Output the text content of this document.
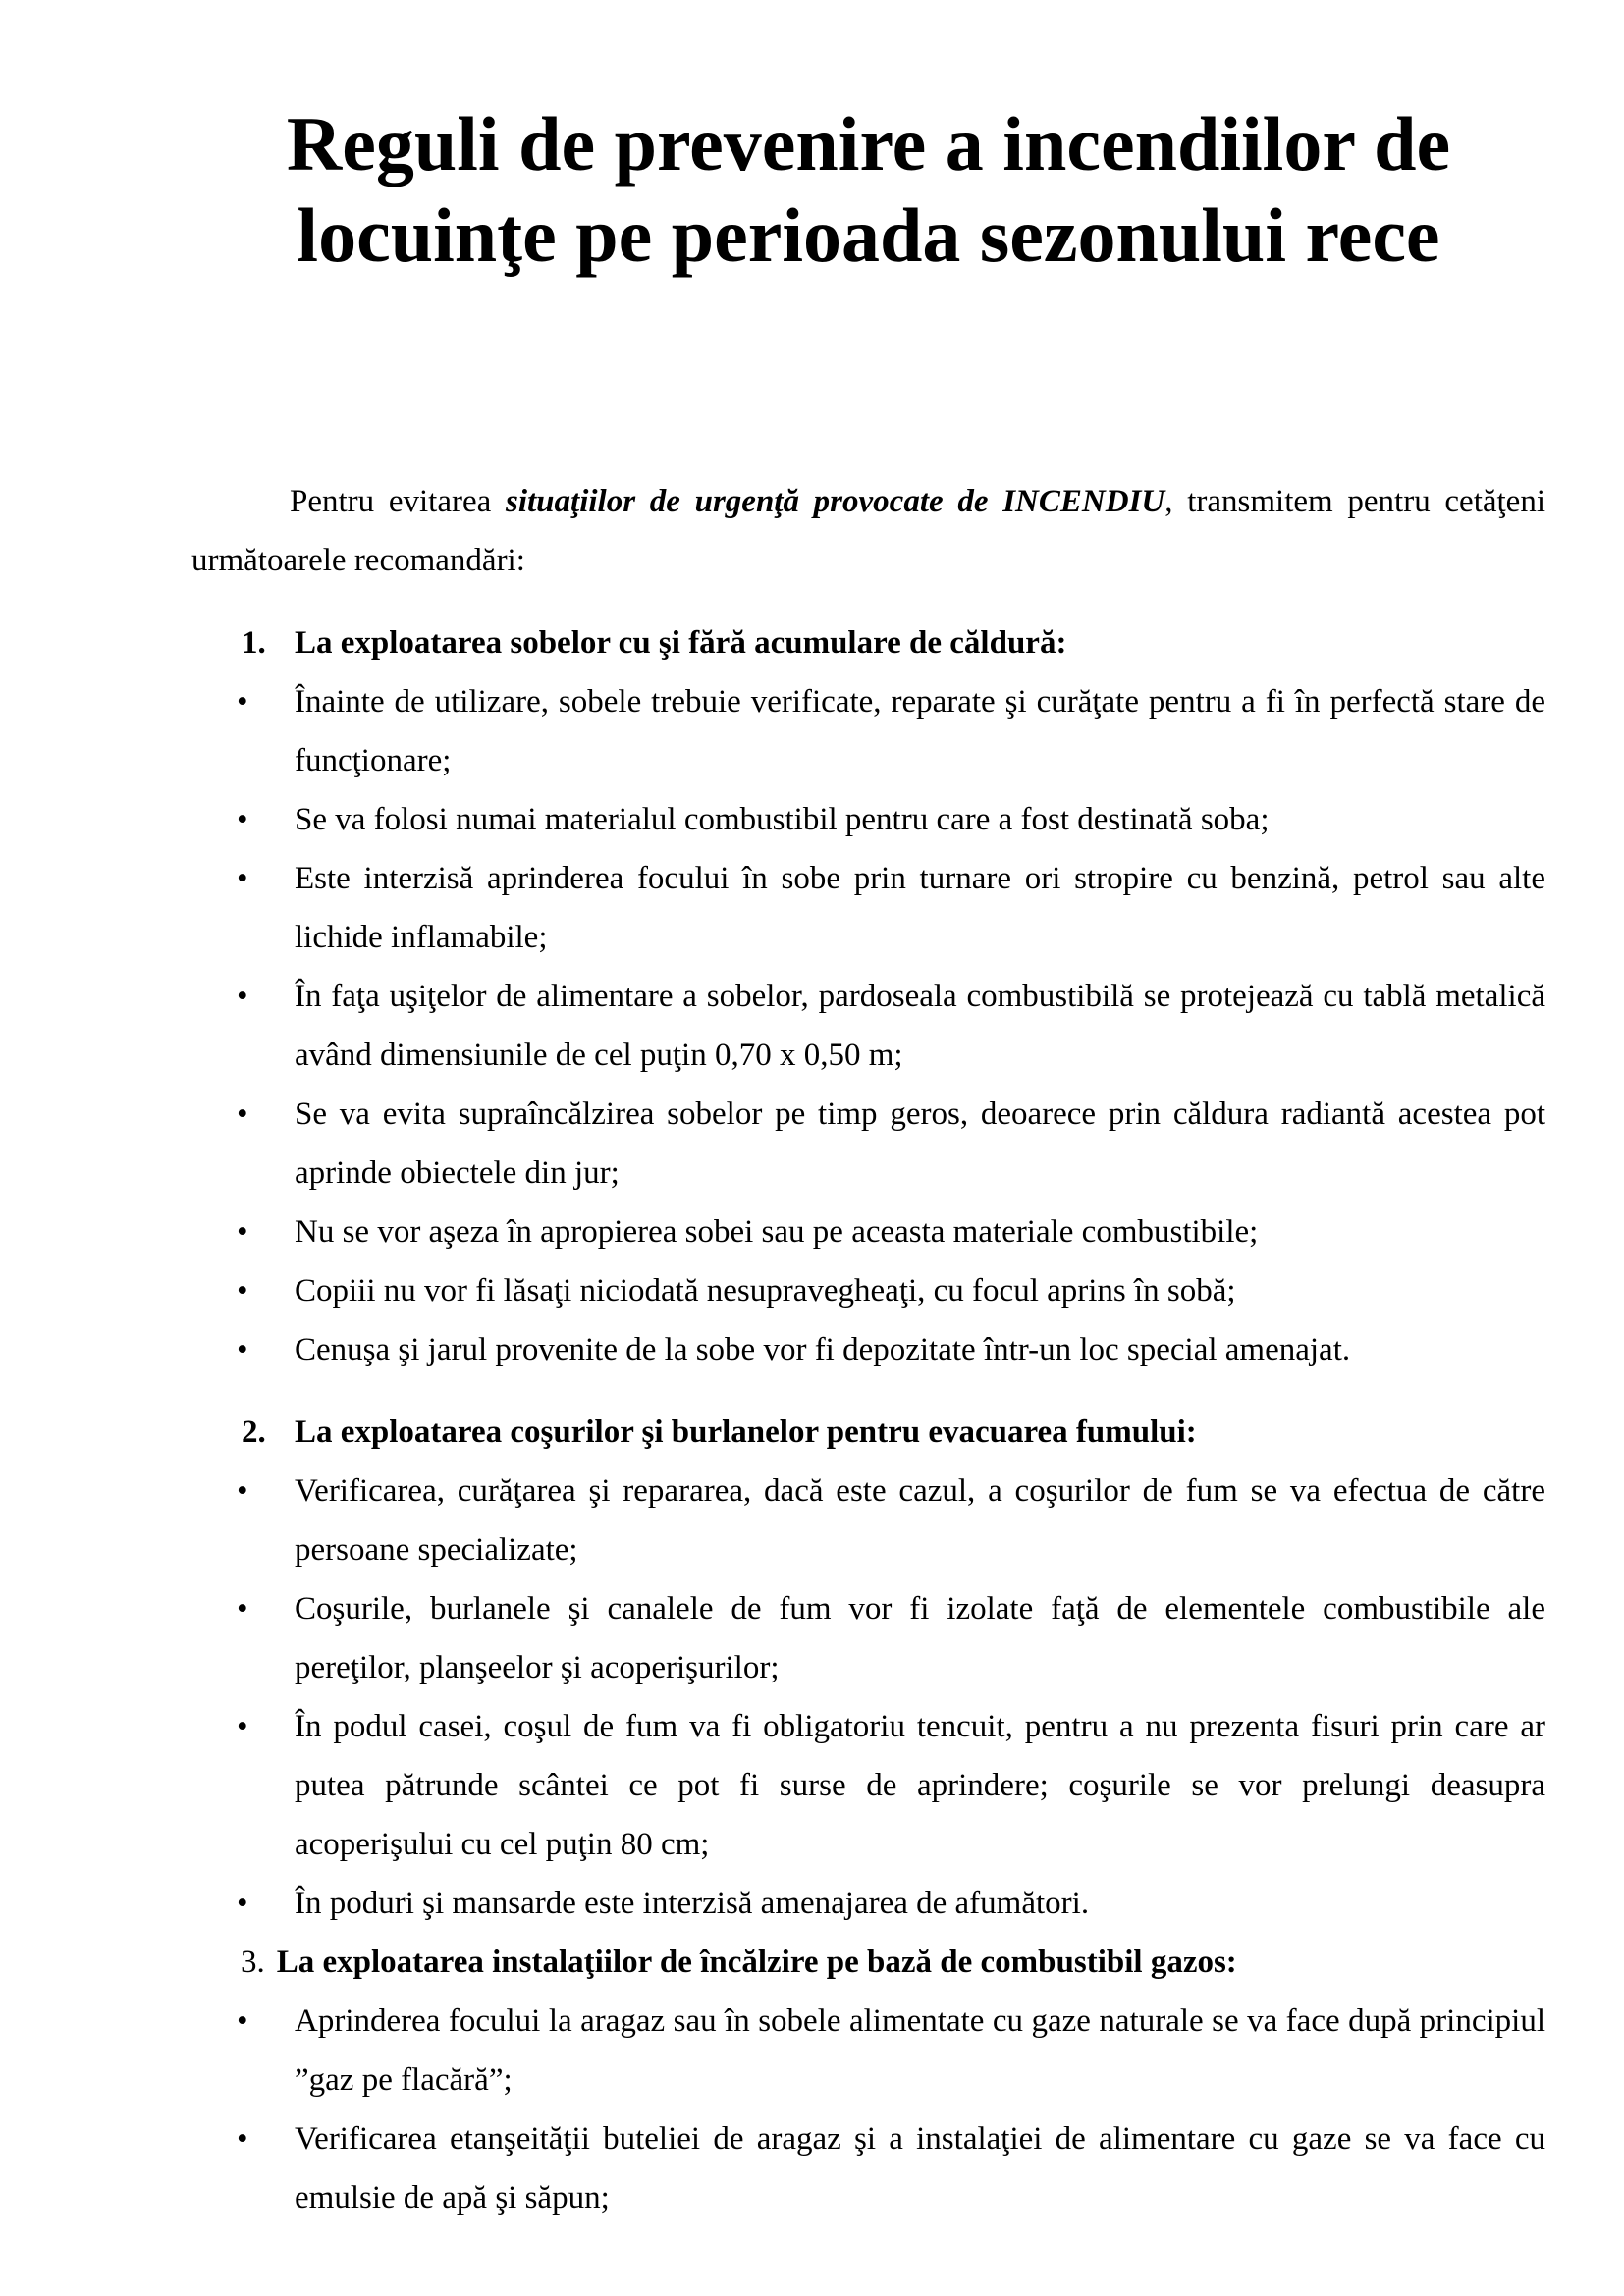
Reguli de prevenire a incendiilor de locuinţe pe perioada sezonului rece

Pentru evitarea situaţiilor de urgenţă provocate de INCENDIU, transmitem pentru cetăţeni următoarele recomandări:

1. La exploatarea sobelor cu şi fără acumulare de căldură:
•	Înainte de utilizare, sobele trebuie verificate, reparate şi curăţate pentru a fi în perfectă stare de funcţionare;

•	Se va folosi numai materialul combustibil pentru care a fost destinată soba;

•	Este interzisă aprinderea focului în sobe prin turnare ori stropire cu benzină, petrol sau alte lichide inflamabile;

•	În faţa uşiţelor de alimentare a sobelor, pardoseala combustibilă se protejează cu tablă metalică având dimensiunile de cel puţin 0,70 x 0,50 m;

•	Se va evita supraîncălzirea sobelor pe timp geros, deoarece prin căldura radiantă acestea pot aprinde obiectele din jur;

•	Nu se vor aşeza în apropierea sobei sau pe aceasta materiale combustibile;

•	Copiii nu vor fi lăsaţi niciodată nesupravegheaţi, cu focul aprins în sobă;

•	Cenuşa şi jarul provenite de la sobe vor fi depozitate într-un loc special amenajat.

2. La exploatarea coşurilor şi burlanelor pentru evacuarea fumului:
•	Verificarea, curăţarea şi repararea, dacă este cazul, a coşurilor de fum se va efectua de către persoane specializate;

•	Coşurile, burlanele şi canalele de fum vor fi izolate faţă de elementele combustibile ale pereţilor, planşeelor şi acoperişurilor;

•	În podul casei, coşul de fum va fi obligatoriu tencuit, pentru a nu prezenta fisuri prin care ar putea pătrunde scântei ce pot fi surse de aprindere; coşurile se vor prelungi deasupra acoperişului cu cel puţin 80 cm;

•	În poduri şi mansarde este interzisă amenajarea de afumători.

3. La exploatarea instalaţiilor de încălzire pe bază de combustibil gazos:
•	Aprinderea focului la aragaz sau în sobele alimentate cu gaze naturale se va face după principiul ”gaz pe flacără”;

•	Verificarea etanşeităţii buteliei de aragaz şi a instalaţiei de alimentare cu gaze se va face cu emulsie de apă şi săpun;
